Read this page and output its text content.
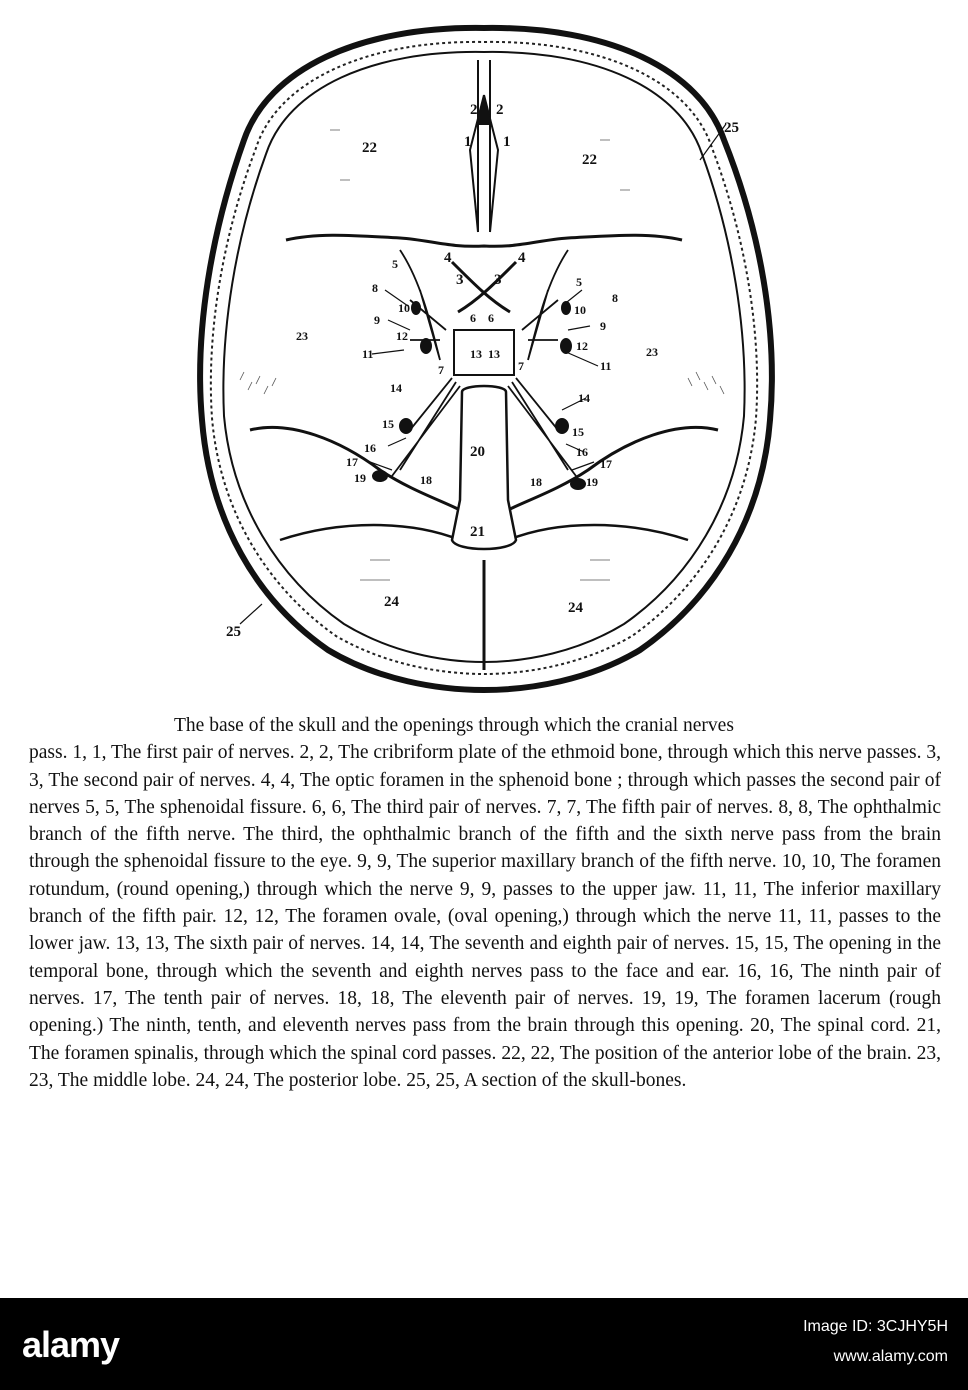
1 1
2 2
3 3
4	4
5
5
6 6
7	7
8
8
9	9
10	10
11
11
12
12
13 13
14
14
15
15
16	16
17	17
18	18
19	19
20
21
22
22
23
23
24	24
25
25

The base of the skull and the openings through which the cranial nerves

pass. 1, 1, The first pair of nerves. 2, 2, The cribriform plate of the ethmoid bone, through which this nerve passes. 3, 3, The second pair of nerves. 4, 4, The optic foramen in the sphenoid bone ; through which passes the second pair of nerves 5, 5, The sphenoidal fissure. 6, 6, The third pair of nerves. 7, 7, The fifth pair of nerves. 8, 8, The ophthalmic branch of the fifth nerve. The third, the ophthalmic branch of the fifth and the sixth nerve pass from the brain through the sphenoidal fissure to the eye. 9, 9, The superior maxillary branch of the fifth nerve. 10, 10, The foramen rotundum, (round opening,) through which the nerve 9, 9, passes to the upper jaw. 11, 11, The inferior maxillary branch of the fifth pair. 12, 12, The foramen ovale, (oval opening,) through which the nerve 11, 11, passes to the lower jaw. 13, 13, The sixth pair of nerves. 14, 14, The seventh and eighth pair of nerves. 15, 15, The opening in the temporal bone, through which the seventh and eighth nerves pass to the face and ear. 16, 16, The ninth pair of nerves. 17, The tenth pair of nerves. 18, 18, The eleventh pair of nerves. 19, 19, The foramen lacerum (rough opening.) The ninth, tenth, and eleventh nerves pass from the brain through this opening. 20, The spinal cord. 21, The foramen spinalis, through which the spinal cord passes. 22, 22, The position of the anterior lobe of the brain. 23, 23, The middle lobe. 24, 24, The posterior lobe. 25, 25, A section of the skull-bones.

alamy	Image ID: 3CJHY5H
www.alamy.com
